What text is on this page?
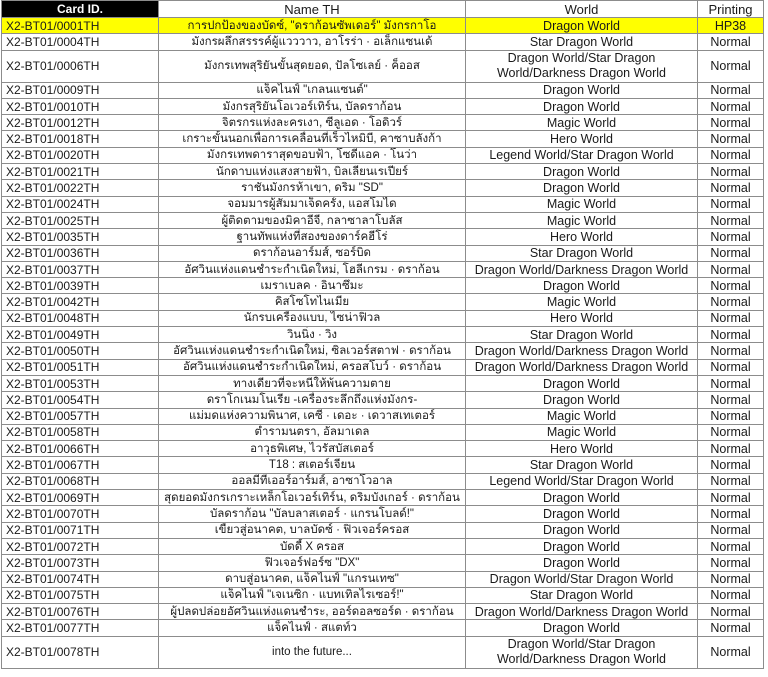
Card ID.	Name TH	World	Printing
X2-BT01/0001TH	การปกป้องของบัดซ์, "ดราก้อนซัพเดอร์" มังกรกาโอ	Dragon World	HP38
X2-BT01/0004TH	มังกรผลึกสรรรค์ผู้แวววาว, อาโรร่า · อเล็กแซนเด้	Star Dragon World	Normal
X2-BT01/0006TH	มังกรเทพสุริยันขั้นสุดยอด, ปัลโซเลย์ · ค็ออส	Dragon World/Star Dragon World/Darkness Dragon World	Normal
X2-BT01/0009TH	แจ็คไนฟ์ "เกลนแซนต์"	Dragon World	Normal
X2-BT01/0010TH	มังกรสุริยันโอเวอร์เทิร์น, บัลดราก้อน	Dragon World	Normal
X2-BT01/0012TH	จิตรกรแห่งละครเงา, ซีลูเอด · โอดิวร์	Magic World	Normal
X2-BT01/0018TH	เกราะขั้นนอกเพื่อการเคลื่อนที่เร็วไหมิบี, คาซาบลังก้า	Hero World	Normal
X2-BT01/0020TH	มังกรเทพดาราสุดขอบฟ้า, โซดีแอค · โนว่า	Legend World/Star Dragon World	Normal
X2-BT01/0021TH	นักดาบแห่งแสงสายฟ้า, บิลเลียนเรเปียร์	Dragon World	Normal
X2-BT01/0022TH	ราชันมังกรห้าเขา, ดริม "SD"	Dragon World	Normal
X2-BT01/0024TH	จอมมารผู้สัมมาเจ็ดครั้ง, แอสโมได	Magic World	Normal
X2-BT01/0025TH	ผู้ติดตามของมิคาอีจี, กลาซาลาโบลัส	Magic World	Normal
X2-BT01/0035TH	ฐานทัพแห่งที่สองของดาร์คฮีโร่	Hero World	Normal
X2-BT01/0036TH	ดราก้อนอาร์มส์, ซอร์บิด	Star Dragon World	Normal
X2-BT01/0037TH	อัศวินแห่งแดนชำระกำเนิดใหม่, โฮลีเกรม · ดราก้อน	Dragon World/Darkness Dragon World	Normal
X2-BT01/0039TH	เมราเบลค · อินาซึมะ	Dragon World	Normal
X2-BT01/0042TH	คิสโซโทไนเมีย	Magic World	Normal
X2-BT01/0048TH	นักรบเครื่องแบบ, ไซน่าฟิวล	Hero World	Normal
X2-BT01/0049TH	วินนิ่ง · วิง	Star Dragon World	Normal
X2-BT01/0050TH	อัศวินแห่งแดนชำระกำเนิดใหม่, ซิลเวอร์สตาฟ · ดราก้อน	Dragon World/Darkness Dragon World	Normal
X2-BT01/0051TH	อัศวินแห่งแดนชำระกำเนิดใหม่, ครอสโบว์ · ดราก้อน	Dragon World/Darkness Dragon World	Normal
X2-BT01/0053TH	ทางเดียวที่จะหนีให้พ้นความตาย	Dragon World	Normal
X2-BT01/0054TH	ดราโกเนมโนเรีย -เครื่องระลึกถึงแห่งมังกร-	Dragon World	Normal
X2-BT01/0057TH	แม่มดแห่งความพินาศ, เคซี · เดอะ · เดวาสเทเตอร์	Magic World	Normal
X2-BT01/0058TH	ตำรามนตรา, อัลมาเดล	Magic World	Normal
X2-BT01/0066TH	อาวุธพิเศษ, ไวรัสบัสเตอร์	Hero World	Normal
X2-BT01/0067TH	T18 : สเตอร์เจียน	Star Dragon World	Normal
X2-BT01/0068TH	ออลมีทีเออร์อาร์มส์, อาซาโวอาล	Legend World/Star Dragon World	Normal
X2-BT01/0069TH	สุดยอดมังกรเกราะเหล็กโอเวอร์เทิร์น, ดริมบังเกอร์ · ดราก้อน	Dragon World	Normal
X2-BT01/0070TH	บัลดราก้อน "บัลบลาสเตอร์ · แกรนโบลด์!"	Dragon World	Normal
X2-BT01/0071TH	เขี้ยวสู่อนาคต, บาลบัดซ์ · ฟิวเจอร์ครอส	Dragon World	Normal
X2-BT01/0072TH	บัดดี้ X ครอส	Dragon World	Normal
X2-BT01/0073TH	ฟิวเจอร์ฟอร์ซ "DX"	Dragon World	Normal
X2-BT01/0074TH	ดาบสู่อนาคต, แจ็คไนฟ์ "แกรนเทซ"	Dragon World/Star Dragon World	Normal
X2-BT01/0075TH	แจ็คไนฟ์ "เจเนซิก · แบทเทิลไรเซอร์!"	Star Dragon World	Normal
X2-BT01/0076TH	ผู้ปลดปล่อยอัศวินแห่งแดนชำระ, ออร์ดอลซอร์ด · ดราก้อน	Dragon World/Darkness Dragon World	Normal
X2-BT01/0077TH	แจ็คไนฟ์ · สแตท์ว	Dragon World	Normal
X2-BT01/0078TH	into the future...	Dragon World/Star Dragon World/Darkness Dragon World	Normal
